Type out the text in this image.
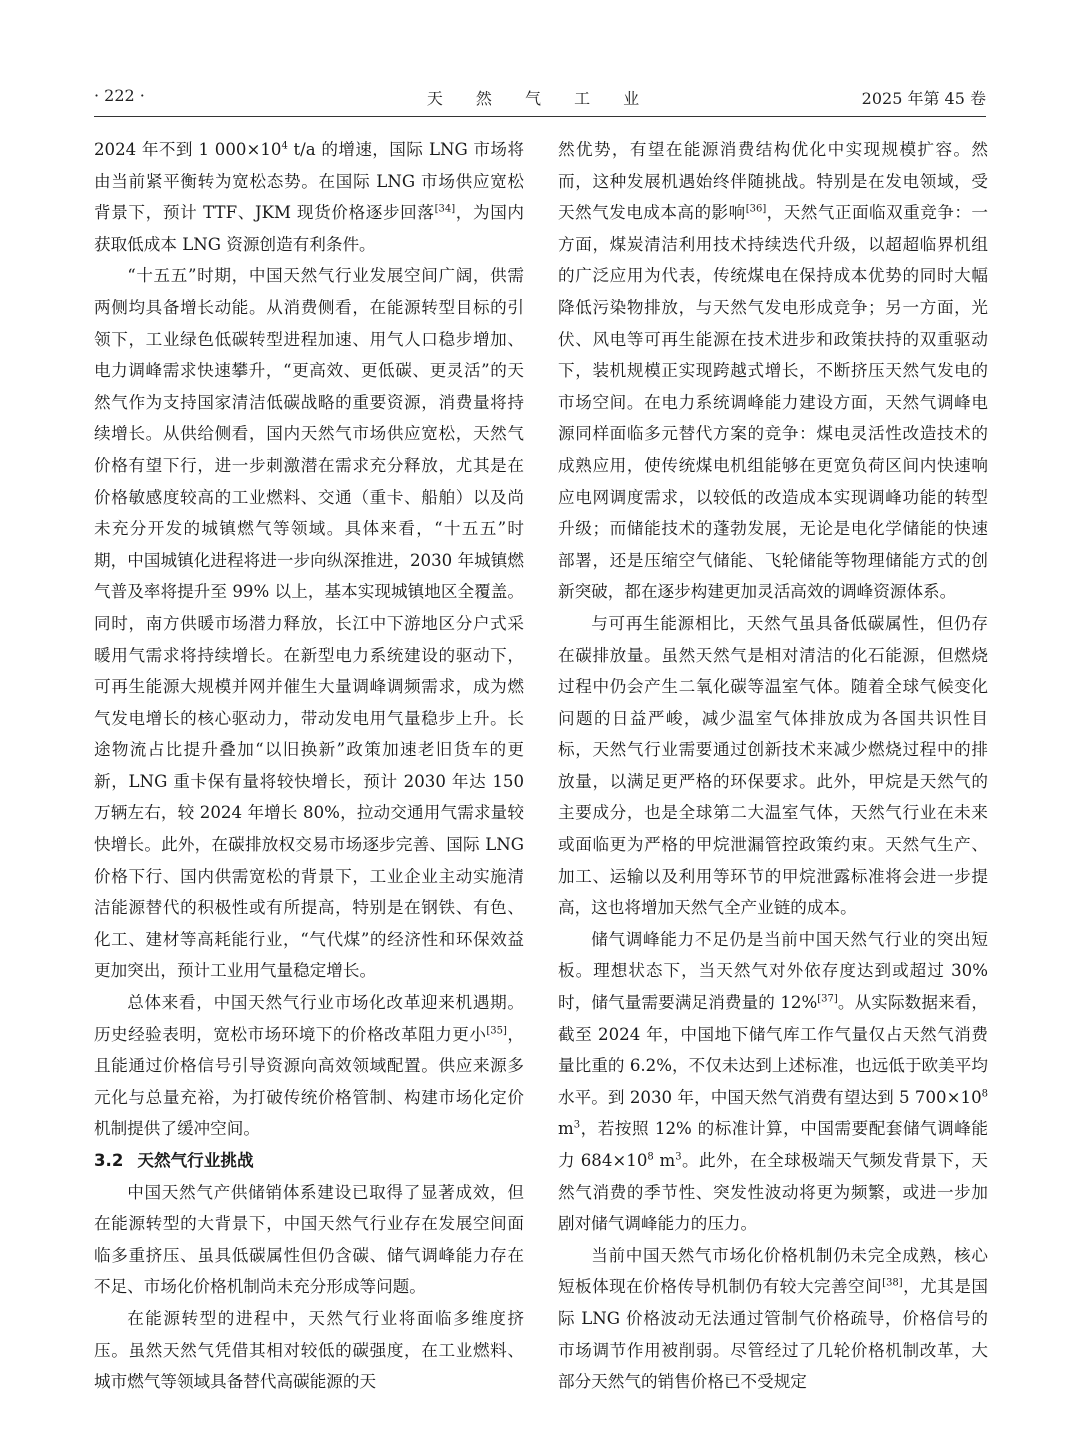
· 222 ·	天 然 气 工 业	2025 年第 45 卷

2024 年不到 1 $000\times 10^4$ t/a 的增速，国际 LNG 市场将由当前紧平衡转为宽松态势。在国际 LNG 市场供应宽松背景下，预计 TTF、JKM 现货价格逐步回落[34]，为国内获取低成本 LNG 资源创造有利条件。

“十五五”时期，中国天然气行业发展空间广阔，供需两侧均具备增长动能。从消费侧看，在能源转型目标的引领下，工业绿色低碳转型进程加速、用气人口稳步增加、电力调峰需求快速攀升，“更高效、更低碳、更灵活”的天然气作为支持国家清洁低碳战略的重要资源，消费量将持续增长。从供给侧看，国内天然气市场供应宽松，天然气价格有望下行，进一步刺激潜在需求充分释放，尤其是在价格敏感度较高的工业燃料、交通（重卡、船舶）以及尚未充分开发的城镇燃气等领域。具体来看，“十五五”时期，中国城镇化进程将进一步向纵深推进，2030 年城镇燃气普及率将提升至 99% 以上，基本实现城镇地区全覆盖。同时，南方供暖市场潜力释放，长江中下游地区分户式采暖用气需求将持续增长。在新型电力系统建设的驱动下，可再生能源大规模并网并催生大量调峰调频需求，成为燃气发电增长的核心驱动力，带动发电用气量稳步上升。长途物流占比提升叠加“以旧换新”政策加速老旧货车的更新，LNG 重卡保有量将较快增长，预计 2030 年达 150 万辆左右，较 2024 年增长 80%，拉动交通用气需求量较快增长。此外，在碳排放权交易市场逐步完善、国际 LNG 价格下行、国内供需宽松的背景下，工业企业主动实施清洁能源替代的积极性或有所提高，特别是在钢铁、有色、化工、建材等高耗能行业，“气代煤”的经济性和环保效益更加突出，预计工业用气量稳定增长。

总体来看，中国天然气行业市场化改革迎来机遇期。历史经验表明，宽松市场环境下的价格改革阻力更小[35]，且能通过价格信号引导资源向高效领域配置。供应来源多元化与总量充裕，为打破传统价格管制、构建市场化定价机制提供了缓冲空间。

3.2 天然气行业挑战

中国天然气产供储销体系建设已取得了显著成效，但在能源转型的大背景下，中国天然气行业存在发展空间面临多重挤压、虽具低碳属性但仍含碳、储气调峰能力存在不足、市场化价格机制尚未充分形成等问题。

在能源转型的进程中，天然气行业将面临多维度挤压。虽然天然气凭借其相对较低的碳强度，在工业燃料、城市燃气等领域具备替代高碳能源的天

然优势，有望在能源消费结构优化中实现规模扩容。然而，这种发展机遇始终伴随挑战。特别是在发电领域，受天然气发电成本高的影响[36]，天然气正面临双重竞争：一方面，煤炭清洁利用技术持续迭代升级，以超超临界机组的广泛应用为代表，传统煤电在保持成本优势的同时大幅降低污染物排放，与天然气发电形成竞争；另一方面，光伏、风电等可再生能源在技术进步和政策扶持的双重驱动下，装机规模正实现跨越式增长，不断挤压天然气发电的市场空间。在电力系统调峰能力建设方面，天然气调峰电源同样面临多元替代方案的竞争：煤电灵活性改造技术的成熟应用，使传统煤电机组能够在更宽负荷区间内快速响应电网调度需求，以较低的改造成本实现调峰功能的转型升级；而储能技术的蓬勃发展，无论是电化学储能的快速部署，还是压缩空气储能、飞轮储能等物理储能方式的创新突破，都在逐步构建更加灵活高效的调峰资源体系。

与可再生能源相比，天然气虽具备低碳属性，但仍存在碳排放量。虽然天然气是相对清洁的化石能源，但燃烧过程中仍会产生二氧化碳等温室气体。随着全球气候变化问题的日益严峻，减少温室气体排放成为各国共识性目标，天然气行业需要通过创新技术来减少燃烧过程中的排放量，以满足更严格的环保要求。此外，甲烷是天然气的主要成分，也是全球第二大温室气体，天然气行业在未来或面临更为严格的甲烷泄漏管控政策约束。天然气生产、加工、运输以及利用等环节的甲烷泄露标准将会进一步提高，这也将增加天然气全产业链的成本。

储气调峰能力不足仍是当前中国天然气行业的突出短板。理想状态下，当天然气对外依存度达到或超过 30% 时，储气量需要满足消费量的 12%[37]。从实际数据来看，截至 2024 年，中国地下储气库工作气量仅占天然气消费量比重的 6.2%，不仅未达到上述标准，也远低于欧美平均水平。到 2030 年，中国天然气消费有望达到 5 $700\times 10^8$ $m^3$，若按照 12% 的标准计算，中国需要配套储气调峰能力 $684\times 10^8$ $m^3$。此外，在全球极端天气频发背景下，天然气消费的季节性、突发性波动将更为频繁，或进一步加剧对储气调峰能力的压力。

当前中国天然气市场化价格机制仍未完全成熟，核心短板体现在价格传导机制仍有较大完善空间[38]，尤其是国际 LNG 价格波动无法通过管制气价格疏导，价格信号的市场调节作用被削弱。尽管经过了几轮价格机制改革，大部分天然气的销售价格已不受规定
